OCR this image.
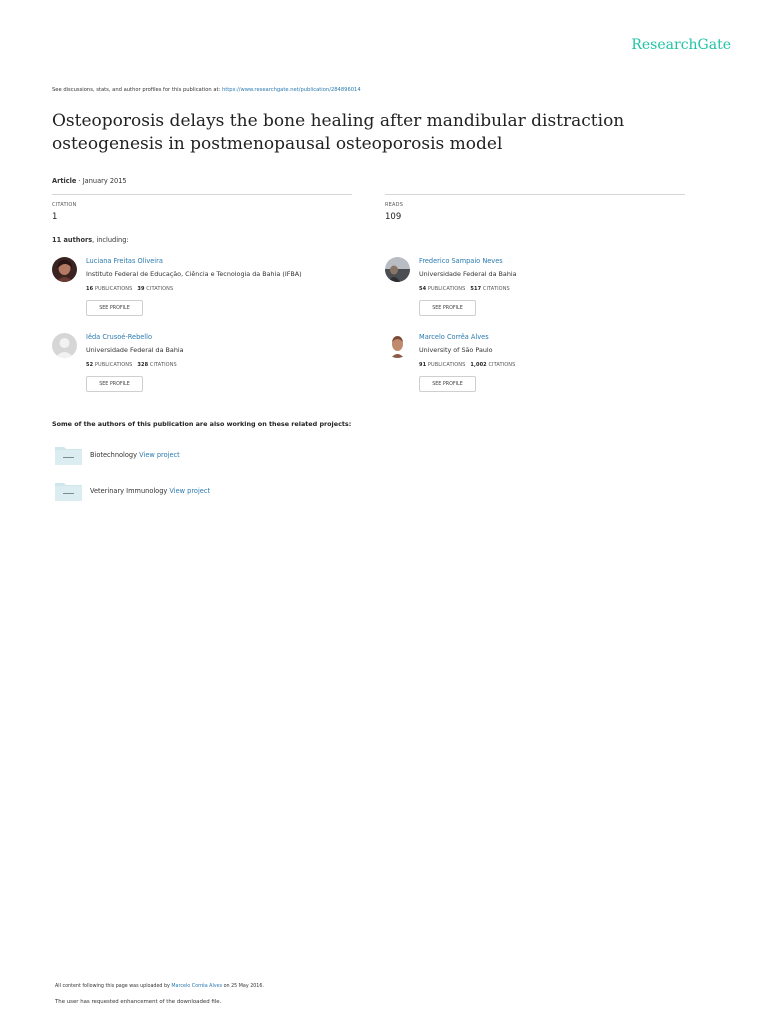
ResearchGate
See discussions, stats, and author profiles for this publication at: https://www.researchgate.net/publication/284896014
Osteoporosis delays the bone healing after mandibular distraction osteogenesis in postmenopausal osteoporosis model
Article · January 2015
CITATION
1
READS
109
11 authors, including:
Luciana Freitas Oliveira
Instituto Federal de Educação, Ciência e Tecnologia da Bahia (IFBA)
16 PUBLICATIONS 39 CITATIONS
SEE PROFILE
Frederico Sampaio Neves
Universidade Federal da Bahia
54 PUBLICATIONS 517 CITATIONS
SEE PROFILE
Iêda Crusoé-Rebello
Universidade Federal da Bahia
52 PUBLICATIONS 328 CITATIONS
SEE PROFILE
Marcelo Corrêa Alves
University of São Paulo
91 PUBLICATIONS 1,002 CITATIONS
SEE PROFILE
Some of the authors of this publication are also working on these related projects:
Biotechnology View project
Veterinary Immunology View project
All content following this page was uploaded by Marcelo Corrêa Alves on 25 May 2016.
The user has requested enhancement of the downloaded file.
